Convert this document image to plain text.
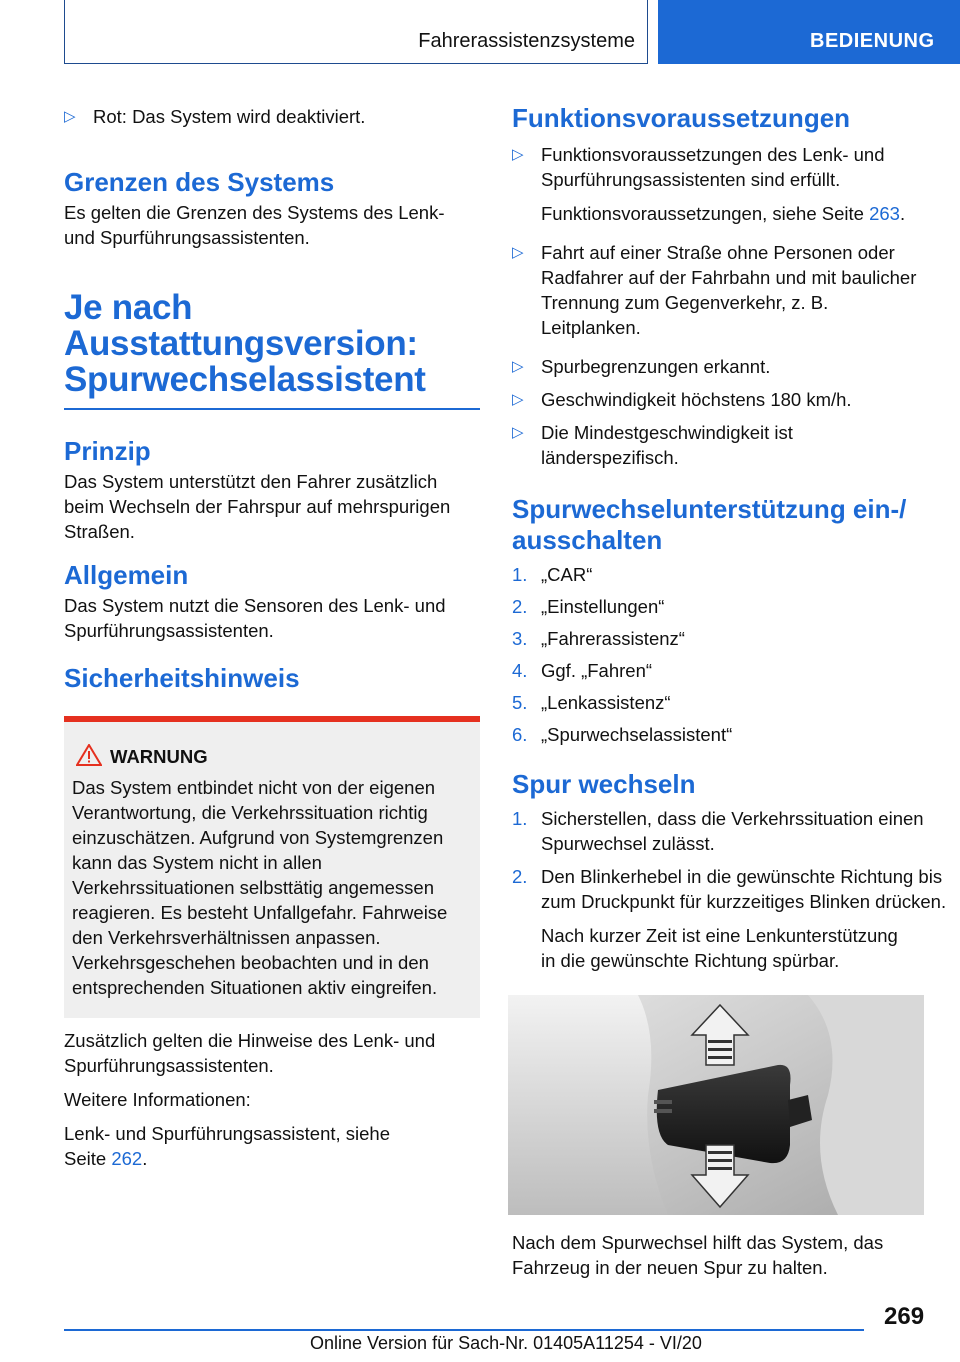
Fahrerassistenzsysteme	BEDIENUNG
▷ Rot: Das System wird deaktiviert.

Grenzen des Systems

Es gelten die Grenzen des Systems des Lenk- und Spurführungsassistenten.

Je nach

Ausstattungsversion:

Spurwechselassistent

Prinzip

Das System unterstützt den Fahrer zusätzlich beim Wechseln der Fahrspur auf mehrspurigen Straßen.

Allgemein

Das System nutzt die Sensoren des Lenk- und Spurführungsassistenten.

Sicherheitshinweis

WARNUNG

Das System entbindet nicht von der eigenen Verantwortung, die Verkehrssituation richtig einzuschätzen. Aufgrund von Systemgrenzen kann das System nicht in allen Verkehrssituationen selbsttätig angemessen reagieren. Es besteht Unfallgefahr. Fahrweise den Verkehrsverhältnissen anpassen. Verkehrsgeschehen beobachten und in den entsprechenden Situationen aktiv eingreifen.

Zusätzlich gelten die Hinweise des Lenk- und Spurführungsassistenten.

Weitere Informationen:

Lenk- und Spurführungsassistent, siehe Seite 262.

Funktionsvoraussetzungen

▷ Funktionsvoraussetzungen des Lenk- und Spurführungsassistenten sind erfüllt.
Funktionsvoraussetzungen, siehe Seite 263.
▷ Fahrt auf einer Straße ohne Personen oder Radfahrer auf der Fahrbahn und mit baulicher Trennung zum Gegenverkehr, z. B. Leitplanken.
▷ Spurbegrenzungen erkannt.
▷ Geschwindigkeit höchstens 180 km/h.
▷ Die Mindestgeschwindigkeit ist länderspezifisch.

Spurwechselunterstützung ein-/

ausschalten

1. „CAR“
2. „Einstellungen“
3. „Fahrerassistenz“
4. Ggf. „Fahren“
5. „Lenkassistenz“
6. „Spurwechselassistent“

Spur wechseln

1. Sicherstellen, dass die Verkehrssituation einen Spurwechsel zulässt.
2. Den Blinkerhebel in die gewünschte Richtung bis zum Druckpunkt für kurzzeitiges Blinken drücken.
Nach kurzer Zeit ist eine Lenkunterstützung in die gewünschte Richtung spürbar.

Nach dem Spurwechsel hilft das System, das Fahrzeug in der neuen Spur zu halten.

269
Online Version für Sach-Nr. 01405A11254 - VI/20
